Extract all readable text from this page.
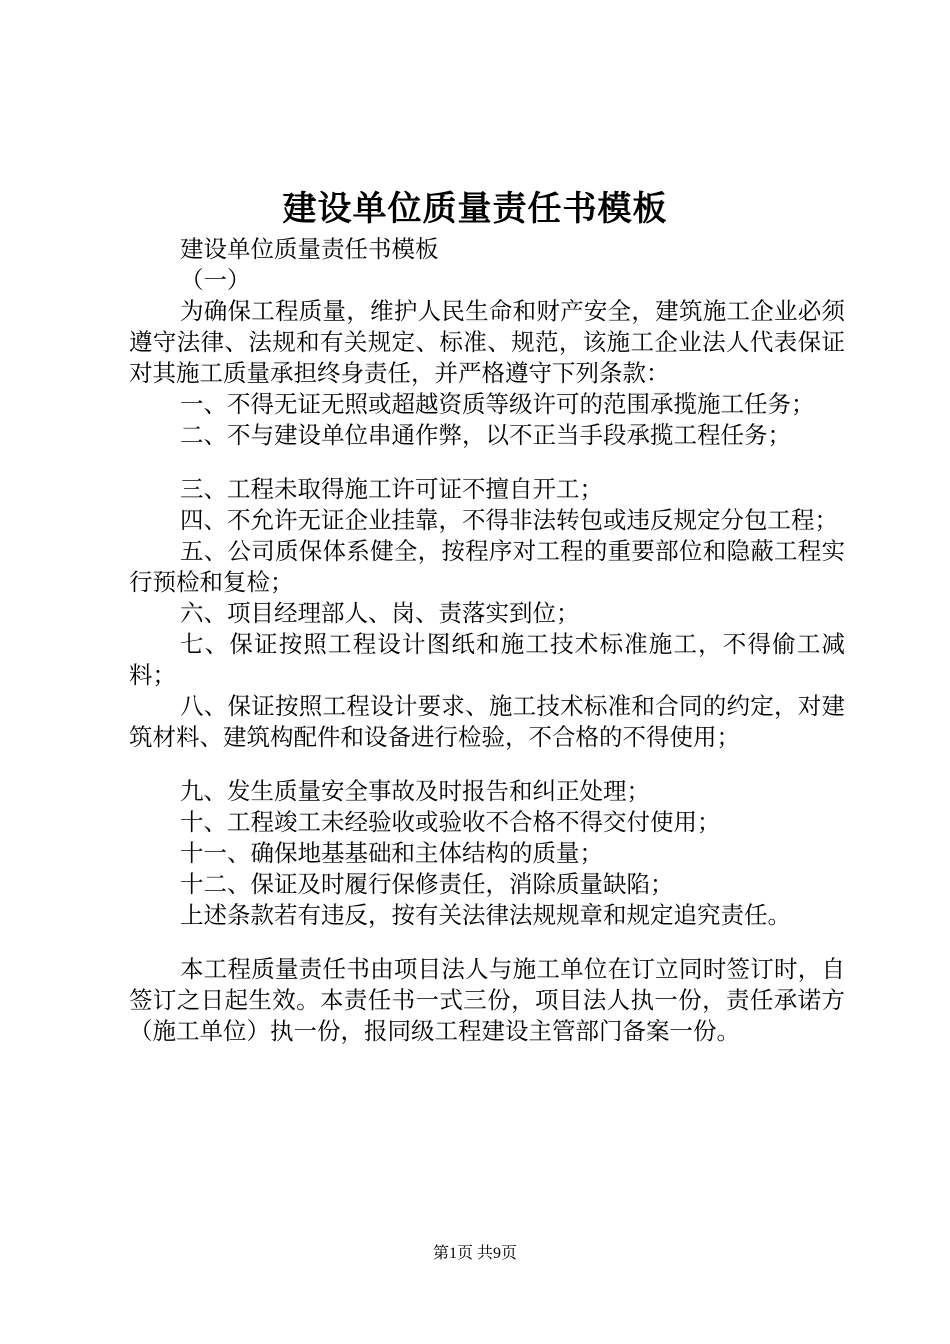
建设单位质量责任书模板

建设单位质量责任书模板

（一）

为确保工程质量，维护人民生命和财产安全，建筑施工企业必须遵守法律、法规和有关规定、标准、规范，该施工企业法人代表保证对其施工质量承担终身责任，并严格遵守下列条款：

一、不得无证无照或超越资质等级许可的范围承揽施工任务；

二、不与建设单位串通作弊，以不正当手段承揽工程任务；

三、工程未取得施工许可证不擅自开工；

四、不允许无证企业挂靠，不得非法转包或违反规定分包工程；

五、公司质保体系健全，按程序对工程的重要部位和隐蔽工程实行预检和复检；

六、项目经理部人、岗、责落实到位；

七、保证按照工程设计图纸和施工技术标准施工，不得偷工减料；

八、保证按照工程设计要求、施工技术标准和合同的约定，对建筑材料、建筑构配件和设备进行检验，不合格的不得使用；

九、发生质量安全事故及时报告和纠正处理；

十、工程竣工未经验收或验收不合格不得交付使用；

十一、确保地基基础和主体结构的质量；

十二、保证及时履行保修责任，消除质量缺陷；

上述条款若有违反，按有关法律法规规章和规定追究责任。

本工程质量责任书由项目法人与施工单位在订立同时签订时，自签订之日起生效。本责任书一式三份，项目法人执一份，责任承诺方（施工单位）执一份，报同级工程建设主管部门备案一份。

第1页 共9页
